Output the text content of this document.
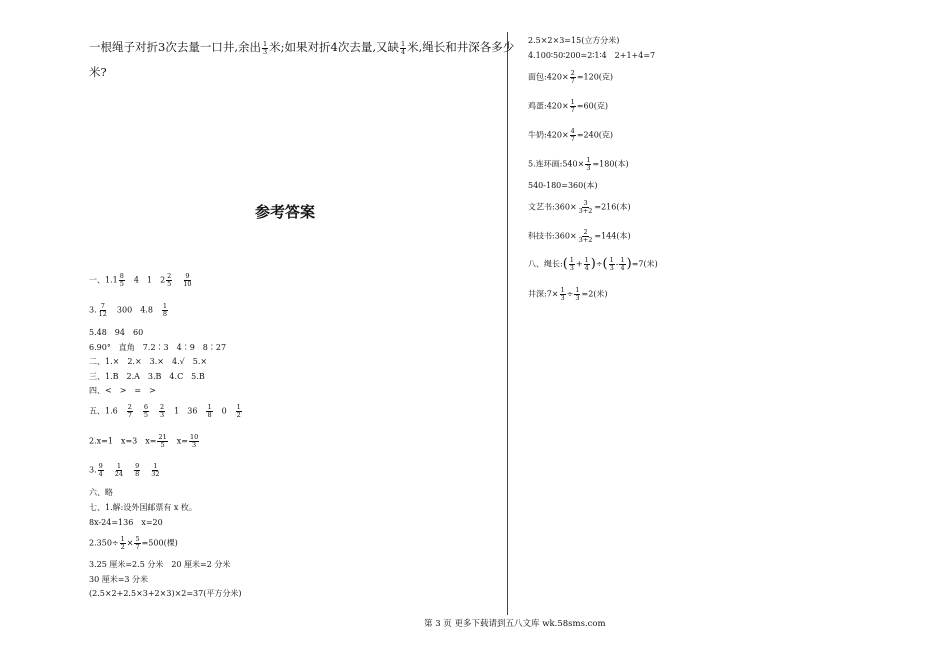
一根绳子对折3次去量一口井,余出 $\frac{1}{3}$ 米;如果对折4次去量,又缺 $\frac{1}{4}$ 米,绳长和井深各多少
米?
参考答案
一、$1.1 \frac{8}{5}$
　 4　1　$2 \frac{2}{5}$
　 $\frac{9}{10}$
3. $\frac{7}{12}$
　 300　4.8　 $\frac{1}{8}$
5.48　94　60
6.90°　直角　7.2∶3　4∶9　8∶27
二、1.×　2.×　3.×　4.√　5.×
三、1.B　2.A　3.B　4.C　5.B
四、<　>　=　>
五、1.6　 $\frac{2}{7}$
　 $\frac{6}{5}$
　 $\frac{2}{3}$
　 1　36　 $\frac{1}{8}$
　 0　 $\frac{1}{2}$
2.x=1　x=3　$x= \frac{21}{5}$
　 $x= \frac{10}{3}$
3. $\frac{9}{4}$
　 $\frac{1}{24}$
　 $\frac{9}{8}$
　 $\frac{1}{32}$
六、略
七、1.解:设外国邮票有 x 枚。
8x-24=136　x=20
$2.350\div \frac{1}{2} \times \frac{5}{7} =500$(棵)
3.25 厘米=2.5 分米　20 厘米=2 分米
30 厘米=3 分米
(2.5×2+2.5×3+2×3)×2=37(平方分米)
2.5×2×3=15(立方分米)
4.100∶50∶200=2∶1∶4　2+1+4=7
面包:420× $\frac{2}{7} =120$(克)
鸡蛋:420× $\frac{1}{7} =60$(克)
牛奶:420× $\frac{4}{7} =240$(克)
5.连环画:540× $\frac{1}{3} =180$(本)
540-180=360(本)
文艺书:360× $\frac{3}{3+2} =216$(本)
科技书:360× $\frac{2}{3+2} =144$(本)
八、绳长:( $\frac{1}{3} + \frac{1}{4}$ )÷( $\frac{1}{3} - \frac{1}{4} )=7$(米)
井深:7× $\frac{1}{3} \div \frac{1}{3} =2$(米)
第 3 页 更多下载请到五八文库 wk.58sms.com
